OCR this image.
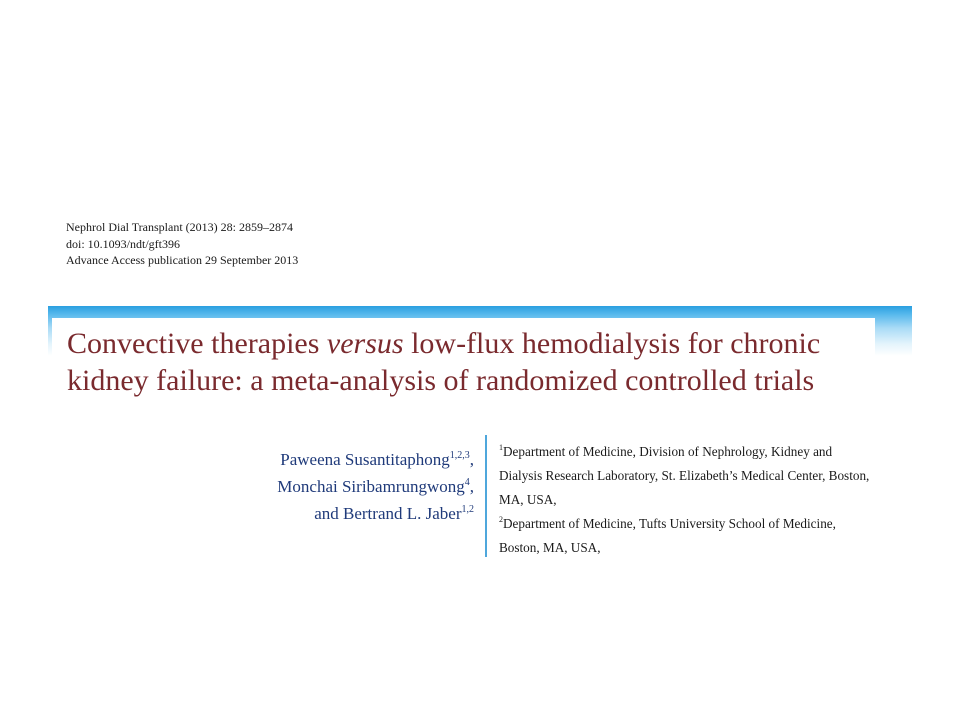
Nephrol Dial Transplant (2013) 28: 2859–2874
doi: 10.1093/ndt/gft396
Advance Access publication 29 September 2013
Convective therapies versus low-flux hemodialysis for chronic
kidney failure: a meta-analysis of randomized controlled trials
Paweena Susantitaphong$^{1,2,3}$,
Monchai Siribamrungwong$^4$,
and Bertrand L. Jaber$^{1,2}$
$^1$Department of Medicine, Division of Nephrology, Kidney and
Dialysis Research Laboratory, St. Elizabeth’s Medical Center, Boston,
MA, USA,
$^2$Department of Medicine, Tufts University School of Medicine,
Boston, MA, USA,
